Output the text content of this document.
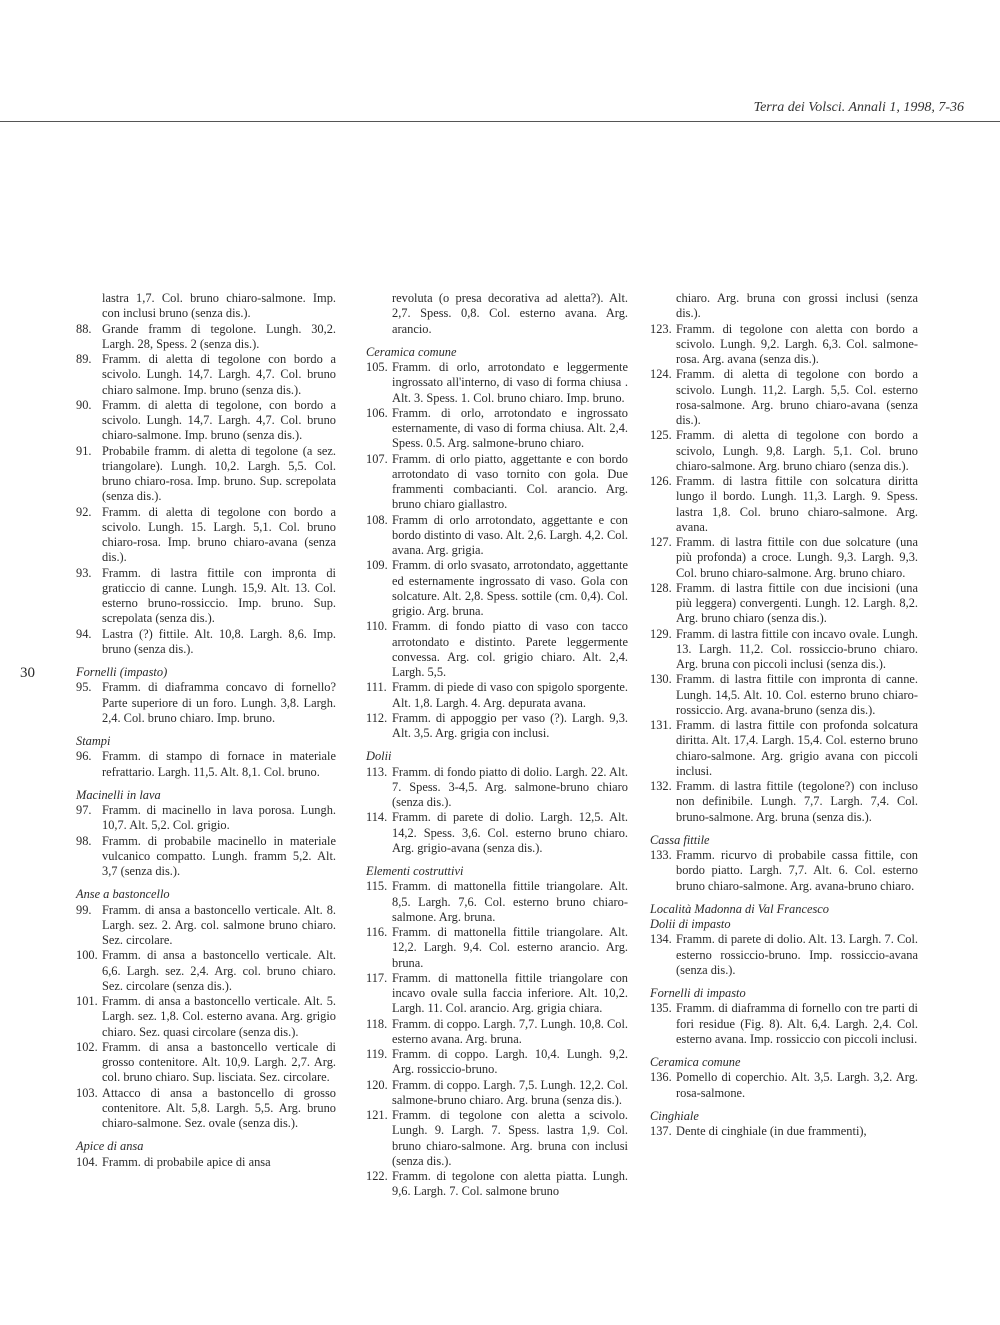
Terra dei Volsci. Annali 1, 1998, 7-36
30

lastra 1,7. Col. bruno chiaro-salmone. Imp. con inclusi bruno (senza dis.).

88. Grande framm di tegolone. Lungh. 30,2. Largh. 28, Spess. 2 (senza dis.).
89. Framm. di aletta di tegolone con bordo a scivolo. Lungh. 14,7. Largh. 4,7. Col. bruno chiaro salmone. Imp. bruno (senza dis.).
90. Framm. di aletta di tegolone, con bordo a scivolo. Lungh. 14,7. Largh. 4,7. Col. bruno chiaro-salmone. Imp. bruno (senza dis.).
91. Probabile framm. di aletta di tegolone (a sez. triangolare). Lungh. 10,2. Largh. 5,5. Col. bruno chiaro-rosa. Imp. bruno. Sup. screpolata (senza dis.).
92. Framm. di aletta di tegolone con bordo a scivolo. Lungh. 15. Largh. 5,1. Col. bruno chiaro-rosa. Imp. bruno chiaro-avana (senza dis.).
93. Framm. di lastra fittile con impronta di graticcio di canne. Lungh. 15,9. Alt. 13. Col. esterno bruno-rossiccio. Imp. bruno. Sup. screpolata (senza dis.).
94. Lastra (?) fittile. Alt. 10,8. Largh. 8,6. Imp. bruno (senza dis.).
Fornelli (impasto)
95. Framm. di diaframma concavo di fornello? Parte superiore di un foro. Lungh. 3,8. Largh. 2,4. Col. bruno chiaro. Imp. bruno.
Stampi
96. Framm. di stampo di fornace in materiale refrattario. Largh. 11,5. Alt. 8,1. Col. bruno.
Macinelli in lava
97. Framm. di macinello in lava porosa. Lungh. 10,7. Alt. 5,2. Col. grigio.
98. Framm. di probabile macinello in materiale vulcanico compatto. Lungh. framm 5,2. Alt. 3,7 (senza dis.).
Anse a bastoncello
99. Framm. di ansa a bastoncello verticale. Alt. 8. Largh. sez. 2. Arg. col. salmone bruno chiaro. Sez. circolare.
100. Framm. di ansa a bastoncello verticale. Alt. 6,6. Largh. sez. 2,4. Arg. col. bruno chiaro. Sez. circolare (senza dis.).
101. Framm. di ansa a bastoncello verticale. Alt. 5. Largh. sez. 1,8. Col. esterno avana. Arg. grigio chiaro. Sez. quasi circolare (senza dis.).
102. Framm. di ansa a bastoncello verticale di grosso contenitore. Alt. 10,9. Largh. 2,7. Arg. col. bruno chiaro. Sup. lisciata. Sez. circolare.
103. Attacco di ansa a bastoncello di grosso contenitore. Alt. 5,8. Largh. 5,5. Arg. bruno chiaro-salmone. Sez. ovale (senza dis.).
Apice di ansa
104. Framm. di probabile apice di ansa

revoluta (o presa decorativa ad aletta?). Alt. 2,7. Spess. 0,8. Col. esterno avana. Arg. arancio.

Ceramica comune
105. Framm. di orlo, arrotondato e leggermente ingrossato all'interno, di vaso di forma chiusa . Alt. 3. Spess. 1. Col. bruno chiaro. Imp. bruno.
106. Framm. di orlo, arrotondato e ingrossato esternamente, di vaso di forma chiusa. Alt. 2,4. Spess. 0.5. Arg. salmone-bruno chiaro.
107. Framm. di orlo piatto, aggettante e con bordo arrotondato di vaso tornito con gola. Due frammenti combacianti. Col. arancio. Arg. bruno chiaro giallastro.
108. Framm di orlo arrotondato, aggettante e con bordo distinto di vaso. Alt. 2,6. Largh. 4,2. Col. avana. Arg. grigia.
109. Framm. di orlo svasato, arrotondato, aggettante ed esternamente ingrossato di vaso. Gola con solcature. Alt. 2,8. Spess. sottile (cm. 0,4). Col. grigio. Arg. bruna.
110. Framm. di fondo piatto di vaso con tacco arrotondato e distinto. Parete leggermente convessa. Arg. col. grigio chiaro. Alt. 2,4. Largh. 5,5.
111. Framm. di piede di vaso con spigolo sporgente. Alt. 1,8. Largh. 4. Arg. depurata avana.
112. Framm. di appoggio per vaso (?). Largh. 9,3. Alt. 3,5. Arg. grigia con inclusi.
Dolii
113. Framm. di fondo piatto di dolio. Largh. 22. Alt. 7. Spess. 3-4,5. Arg. salmone-bruno chiaro (senza dis.).
114. Framm. di parete di dolio. Largh. 12,5. Alt. 14,2. Spess. 3,6. Col. esterno bruno chiaro. Arg. grigio-avana (senza dis.).
Elementi costruttivi
115. Framm. di mattonella fittile triangolare. Alt. 8,5. Largh. 7,6. Col. esterno bruno chiaro-salmone. Arg. bruna.
116. Framm. di mattonella fittile triangolare. Alt. 12,2. Largh. 9,4. Col. esterno arancio. Arg. bruna.
117. Framm. di mattonella fittile triangolare con incavo ovale sulla faccia inferiore. Alt. 10,2. Largh. 11. Col. arancio. Arg. grigia chiara.
118. Framm. di coppo. Largh. 7,7. Lungh. 10,8. Col. esterno avana. Arg. bruna.
119. Framm. di coppo. Largh. 10,4. Lungh. 9,2. Arg. rossiccio-bruno.
120. Framm. di coppo. Largh. 7,5. Lungh. 12,2. Col. salmone-bruno chiaro. Arg. bruna (senza dis.).
121. Framm. di tegolone con aletta a scivolo. Lungh. 9. Largh. 7. Spess. lastra 1,9. Col. bruno chiaro-salmone. Arg. bruna con inclusi (senza dis.).
122. Framm. di tegolone con aletta piatta. Lungh. 9,6. Largh. 7. Col. salmone bruno

chiaro. Arg. bruna con grossi inclusi (senza dis.).

123. Framm. di tegolone con aletta con bordo a scivolo. Lungh. 9,2. Largh. 6,3. Col. salmone-rosa. Arg. avana (senza dis.).
124. Framm. di aletta di tegolone con bordo a scivolo. Lungh. 11,2. Largh. 5,5. Col. esterno rosa-salmone. Arg. bruno chiaro-avana (senza dis.).
125. Framm. di aletta di tegolone con bordo a scivolo, Lungh. 9,8. Largh. 5,1. Col. bruno chiaro-salmone. Arg. bruno chiaro (senza dis.).
126. Framm. di lastra fittile con solcatura diritta lungo il bordo. Lungh. 11,3. Largh. 9. Spess. lastra 1,8. Col. bruno chiaro-salmone. Arg. avana.
127. Framm. di lastra fittile con due solcature (una più profonda) a croce. Lungh. 9,3. Largh. 9,3. Col. bruno chiaro-salmone. Arg. bruno chiaro.
128. Framm. di lastra fittile con due incisioni (una più leggera) convergenti. Lungh. 12. Largh. 8,2. Arg. bruno chiaro (senza dis.).
129. Framm. di lastra fittile con incavo ovale. Lungh. 13. Largh. 11,2. Col. rossiccio-bruno chiaro. Arg. bruna con piccoli inclusi (senza dis.).
130. Framm. di lastra fittile con impronta di canne. Lungh. 14,5. Alt. 10. Col. esterno bruno chiaro-rossiccio. Arg. avana-bruno (senza dis.).
131. Framm. di lastra fittile con profonda solcatura diritta. Alt. 17,4. Largh. 15,4. Col. esterno bruno chiaro-salmone. Arg. grigio avana con piccoli inclusi.
132. Framm. di lastra fittile (tegolone?) con incluso non definibile. Lungh. 7,7. Largh. 7,4. Col. bruno-salmone. Arg. bruna (senza dis.).
Cassa fittile
133. Framm. ricurvo di probabile cassa fittile, con bordo piatto. Largh. 7,7. Alt. 6. Col. esterno bruno chiaro-salmone. Arg. avana-bruno chiaro.
Località Madonna di Val Francesco
Dolii di impasto
134. Framm. di parete di dolio. Alt. 13. Largh. 7. Col. esterno rossiccio-bruno. Imp. rossiccio-avana (senza dis.).
Fornelli di impasto
135. Framm. di diaframma di fornello con tre parti di fori residue (Fig. 8). Alt. 6,4. Largh. 2,4. Col. esterno avana. Imp. rossiccio con piccoli inclusi.
Ceramica comune
136. Pomello di coperchio. Alt. 3,5. Largh. 3,2. Arg. rosa-salmone.
Cinghiale
137. Dente di cinghiale (in due frammenti),
